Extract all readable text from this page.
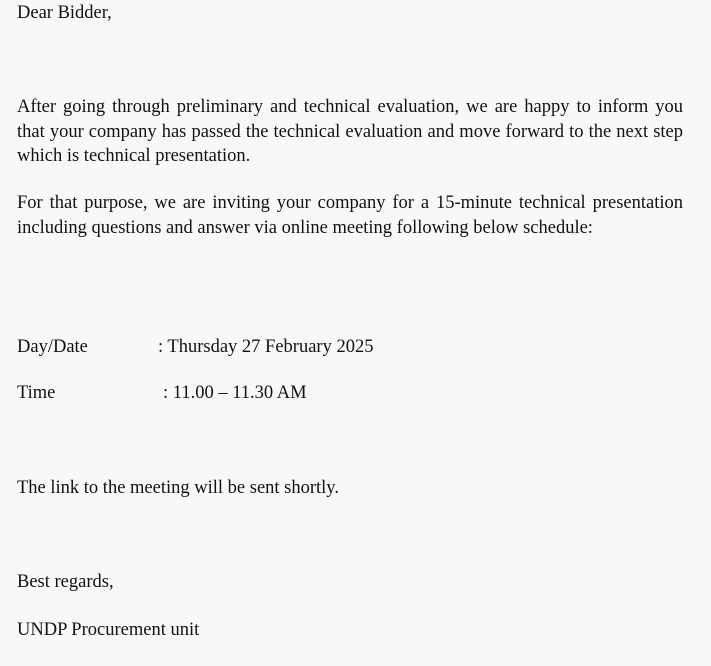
Dear Bidder,

After going through preliminary and technical evaluation, we are happy to inform you that your company has passed the technical evaluation and move forward to the next step which is technical presentation.

For that purpose, we are inviting your company for a 15-minute technical presentation including questions and answer via online meeting following below schedule:

Day/Date	: Thursday 27 February 2025
Time	: 11.00 – 11.30 AM

The link to the meeting will be sent shortly.

Best regards,

UNDP Procurement unit
